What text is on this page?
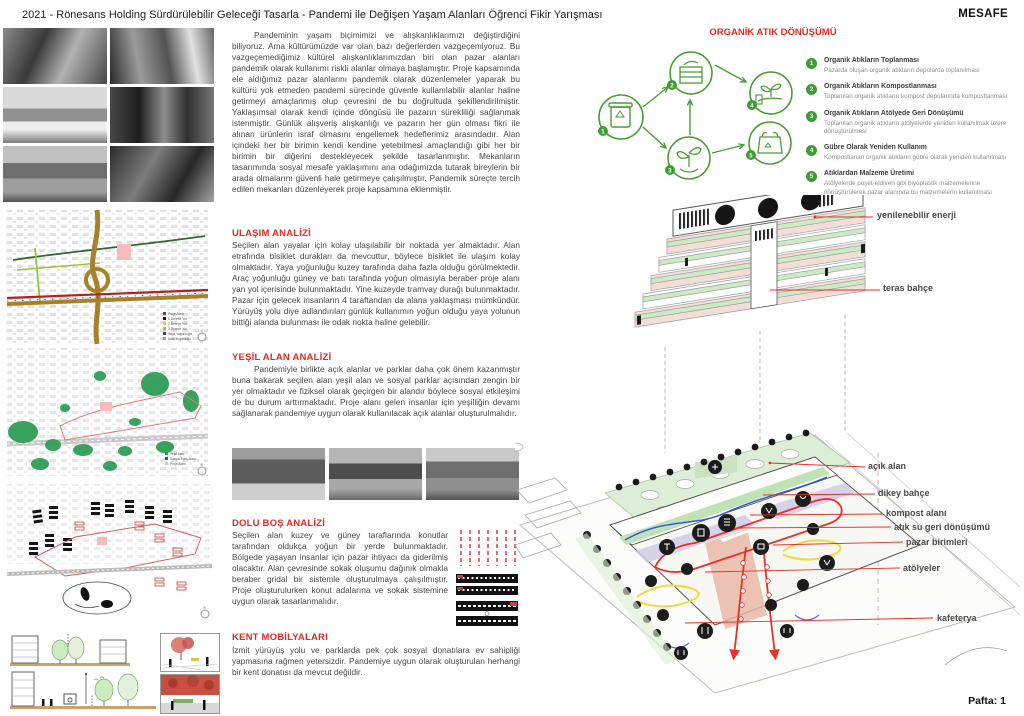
2021 - Rönesans Holding Sürdürülebilir Geleceği Tasarla - Pandemi ile Değişen Yaşam Alanları Öğrenci Fikir Yarışması	MESAFE
Proje Alanı
1.Derece Yol
2.Derece Yol
3.Derece Yol
Yaya Yoğunluğu
Araç Yoğunluğu
K
Yeşil Alan
Sosyal Park Alanı
Proje Alanı	K
K
Pandeminin yaşam biçimimizi ve alışkanlıklarımızı değiştirdiğini biliyoruz. Ama kültürümüzde var olan bazı değerlerden vazgeçemiyoruz. Bu vazgeçemediğimiz kültürel alışkanlıklarımızdan biri olan pazar alanları pandemik olarak kullanımı riskli alanlar olmaya başlamıştır. Proje kapsamında ele aldığımız pazar alanlarını pandemik olarak düzenlemeler yaparak bu kültürü yok etmeden pandemi sürecinde güvenle kullanılabilir alanlar haline getirmeyi amaçlanmış olup çevresini de bu doğrultuda şekillendirilmiştir. Yaklaşımsal olarak kendi içinde döngüsü ile pazarın sürekliliği sağlanmak istenmiştir. Günlük alışveriş alışkanlığı ve pazarın her gün olması fikri ile alınan ürünlerin israf olmasını engellemek hedeflerimiz arasındadır. Alan içindeki her bir birimin kendi kendine yetebilmesi amaçlandığı gibi her bir birimin bir diğerini destekleyecek şekilde tasarlanmıştır. Mekanların tasarımında sosyal mesafe yaklaşımını ana odağımızda tutarak bireylerin bir arada olmalarını güvenli hale getirmeye çalışılmıştır. Pandemik süreçte tercih edilen mekanları düzenleyerek proje kapsamına eklenmiştir.
ULAŞIM ANALİZİ
Seçilen alan yayalar için kolay ulaşılabilir bir noktada yer almaktadır. Alan etrafında bisiklet durakları da mevcuttur, böylece bisiklet ile ulaşım kolay olmaktadır. Yaya yoğunluğu kuzey tarafında daha fazla olduğu görülmektedir. Araç yoğunluğu güney ve batı tarafında yoğun olmasıyla beraber proje alanı yan yol içerisinde bulunmaktadır. Yine kuzeyde tramvay durağı bulunmaktadır. Pazar için gelecek insanların 4 taraftandan da alana yaklaşması mümkündür. Yürüyüş yolu diye adlandırılan günlük kullanımın yoğun olduğu yaya yolunun bittiği alanda bulunması ile odak nokta haline gelebilir.
YEŞİL ALAN ANALİZİ
Pandemiyle birlikte açık alanlar ve parklar daha çok önem kazanmıştır buna bakarak seçilen alan yeşil alan ve sosyal parklar açısından zengin bir yer olmaktadır ve fiziksel olarak geçirgen bir alandır böylece sosyal etkileşimi de bu durum arttırmaktadır. Proje alanı gelen insanlar için yeşilliğin devamı sağlanarak pandemiye uygun olarak kullanılacak açık alanlar oluşturulmalıdır.
DOLU BOŞ ANALİZİ
Seçilen alan kuzey ve güney taraflarında konutlar tarafından oldukça yoğun bir yerde bulunmaktadır. Bölgede yaşayan insanlar için pazar ihtiyacı da giderilmiş olacaktır. Alan çevresinde sokak oluşumu dağınık olmakla beraber gridal bir sistemle oluşturulmaya çalışılmıştır. Proje oluşturulurken konut adalarına ve sokak sistemine uygun olarak tasarlanmalıdır.
KENT MOBİLYALARI
İzmit yürüyüş yolu ve parklarda pek çok sosyal donatılara ev sahipliği yapmasına rağmen yetersizdir. Pandemiye uygun olarak oluşturulan herhangi bir kent donatısı da mevcut değildir.
ORGANİK ATIK DÖNÜŞÜMÜ
1
2
3
4
5
1	Organik Atıkların Toplanması
Pazarda oluşan organik atıkların depolarda toplanılması
2	Organik Atıkların Kompostlanması
Toplanılan organik atıkların kompost depolarında kompostlanması
3	Organik Atıkların Atölyede Geri Dönüşümü
Toplanılan organik atıkların atölyelerde yeniden kullanılmak üzere dönüştürülmesi
4	Gübre Olarak Yeniden Kullanım
Kompostlanan organik atıkların gübre olarak yeniden kullanılması
5	Atıklardan Malzeme Üretimi
Atölyelerde poşet-eldiven gibi biyoplastik malzemelerine dönüştürülerek pazar alanında bu malzemelerin kullanılması
yenilenebilir enerji
teras bahçe
açık alan
dikey bahçe
kompost alanı
atık su geri dönüşümü
pazar birimleri
atölyeler
kafeterya
Pafta: 1
